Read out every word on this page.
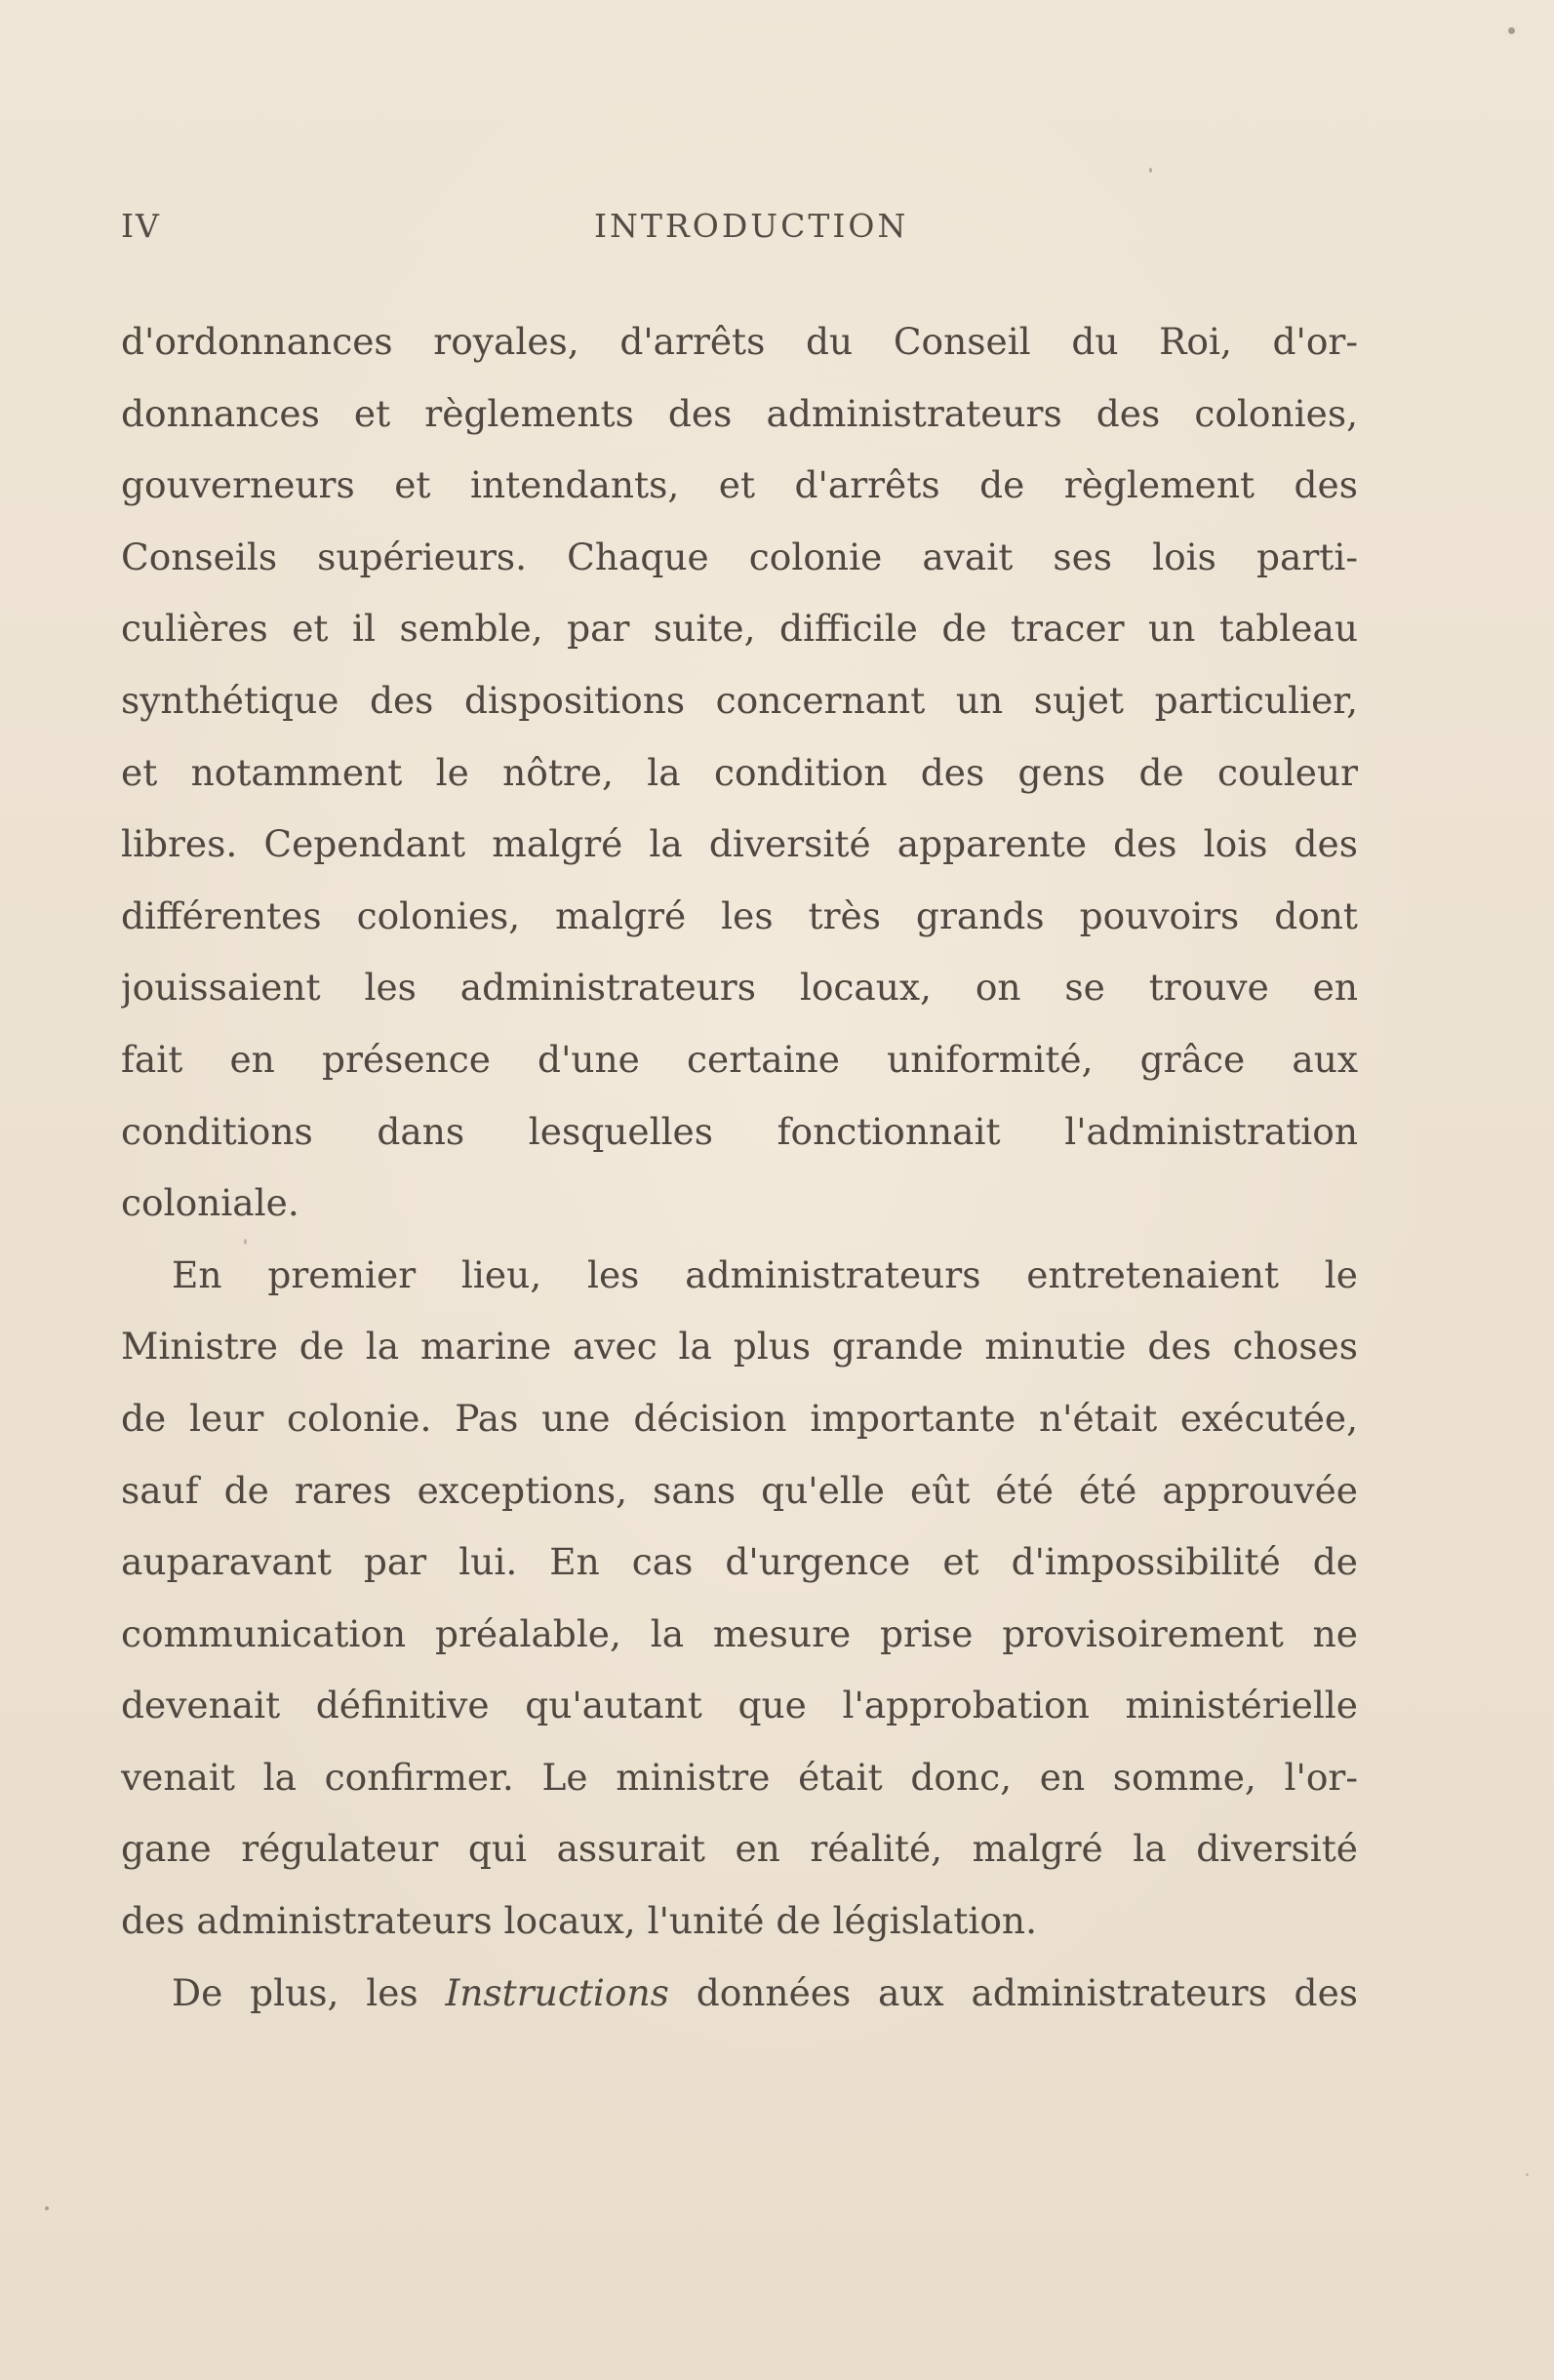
IV	INTRODUCTION
d'ordonnances royales, d'arrêts du Conseil du Roi, d'or-
donnances et règlements des administrateurs des colonies,
gouverneurs et intendants, et d'arrêts de règlement des
Conseils supérieurs. Chaque colonie avait ses lois parti-
culières et il semble, par suite, difficile de tracer un tableau
synthétique des dispositions concernant un sujet particulier,
et notamment le nôtre, la condition des gens de couleur
libres. Cependant malgré la diversité apparente des lois des
différentes colonies, malgré les très grands pouvoirs dont
jouissaient les administrateurs locaux, on se trouve en
fait en présence d'une certaine uniformité, grâce aux
conditions dans lesquelles fonctionnait l'administration
coloniale.
En premier lieu, les administrateurs entretenaient le
Ministre de la marine avec la plus grande minutie des choses
de leur colonie. Pas une décision importante n'était exécutée,
sauf de rares exceptions, sans qu'elle eût été été approuvée
auparavant par lui. En cas d'urgence et d'impossibilité de
communication préalable, la mesure prise provisoirement ne
devenait définitive qu'autant que l'approbation ministérielle
venait la confirmer. Le ministre était donc, en somme, l'or-
gane régulateur qui assurait en réalité, malgré la diversité
des administrateurs locaux, l'unité de législation.
De plus, les Instructions données aux administrateurs des
